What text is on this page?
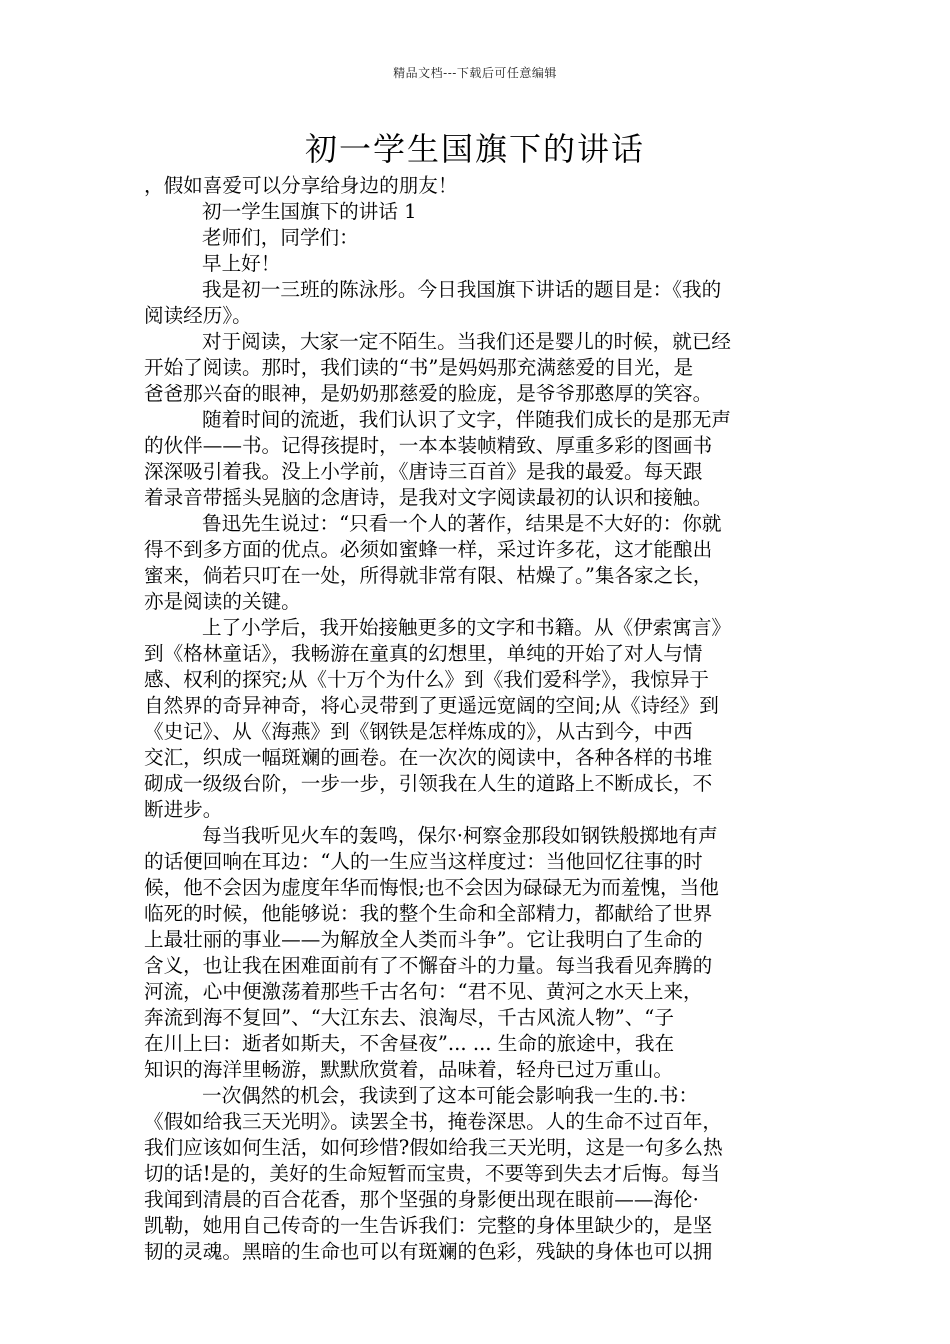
精品文档---下载后可任意编辑
初一学生国旗下的讲话
，假如喜爱可以分享给身边的朋友！
初一学生国旗下的讲话 1
老师们，同学们：
早上好！
我是初一三班的陈泳彤。今日我国旗下讲话的题目是：《我的
阅读经历》。
对于阅读，大家一定不陌生。当我们还是婴儿的时候，就已经
开始了阅读。那时，我们读的“书”是妈妈那充满慈爱的目光，是
爸爸那兴奋的眼神，是奶奶那慈爱的脸庞，是爷爷那憨厚的笑容。
随着时间的流逝，我们认识了文字，伴随我们成长的是那无声
的伙伴——书。记得孩提时，一本本装帧精致、厚重多彩的图画书
深深吸引着我。没上小学前，《唐诗三百首》是我的最爱。每天跟
着录音带摇头晃脑的念唐诗，是我对文字阅读最初的认识和接触。
鲁迅先生说过：“只看一个人的著作，结果是不大好的：你就
得不到多方面的优点。必须如蜜蜂一样，采过许多花，这才能酿出
蜜来，倘若只叮在一处，所得就非常有限、枯燥了。”集各家之长，
亦是阅读的关键。
上了小学后，我开始接触更多的文字和书籍。从《伊索寓言》
到《格林童话》，我畅游在童真的幻想里，单纯的开始了对人与情
感、权利的探究;从《十万个为什么》到《我们爱科学》，我惊异于
自然界的奇异神奇，将心灵带到了更遥远宽阔的空间;从《诗经》到
《史记》、从《海燕》到《钢铁是怎样炼成的》，从古到今，中西
交汇，织成一幅斑斓的画卷。在一次次的阅读中，各种各样的书堆
砌成一级级台阶，一步一步，引领我在人生的道路上不断成长，不
断进步。
每当我听见火车的轰鸣，保尔·柯察金那段如钢铁般掷地有声
的话便回响在耳边：“人的一生应当这样度过：当他回忆往事的时
候，他不会因为虚度年华而悔恨;也不会因为碌碌无为而羞愧，当他
临死的时候，他能够说：我的整个生命和全部精力，都献给了世界
上最壮丽的事业——为解放全人类而斗争”。它让我明白了生命的
含义，也让我在困难面前有了不懈奋斗的力量。每当我看见奔腾的
河流，心中便激荡着那些千古名句：“君不见、黄河之水天上来，
奔流到海不复回”、“大江东去、浪淘尽，千古风流人物”、“子
在川上曰：逝者如斯夫，不舍昼夜”... ... 生命的旅途中，我在
知识的海洋里畅游，默默欣赏着，品味着，轻舟已过万重山。
一次偶然的机会，我读到了这本可能会影响我一生的.书：
《假如给我三天光明》。读罢全书，掩卷深思。人的生命不过百年，
我们应该如何生活，如何珍惜?假如给我三天光明，这是一句多么热
切的话!是的，美好的生命短暂而宝贵，不要等到失去才后悔。每当
我闻到清晨的百合花香，那个坚强的身影便出现在眼前——海伦·
凯勒，她用自己传奇的一生告诉我们：完整的身体里缺少的，是坚
韧的灵魂。黑暗的生命也可以有斑斓的色彩，残缺的身体也可以拥
